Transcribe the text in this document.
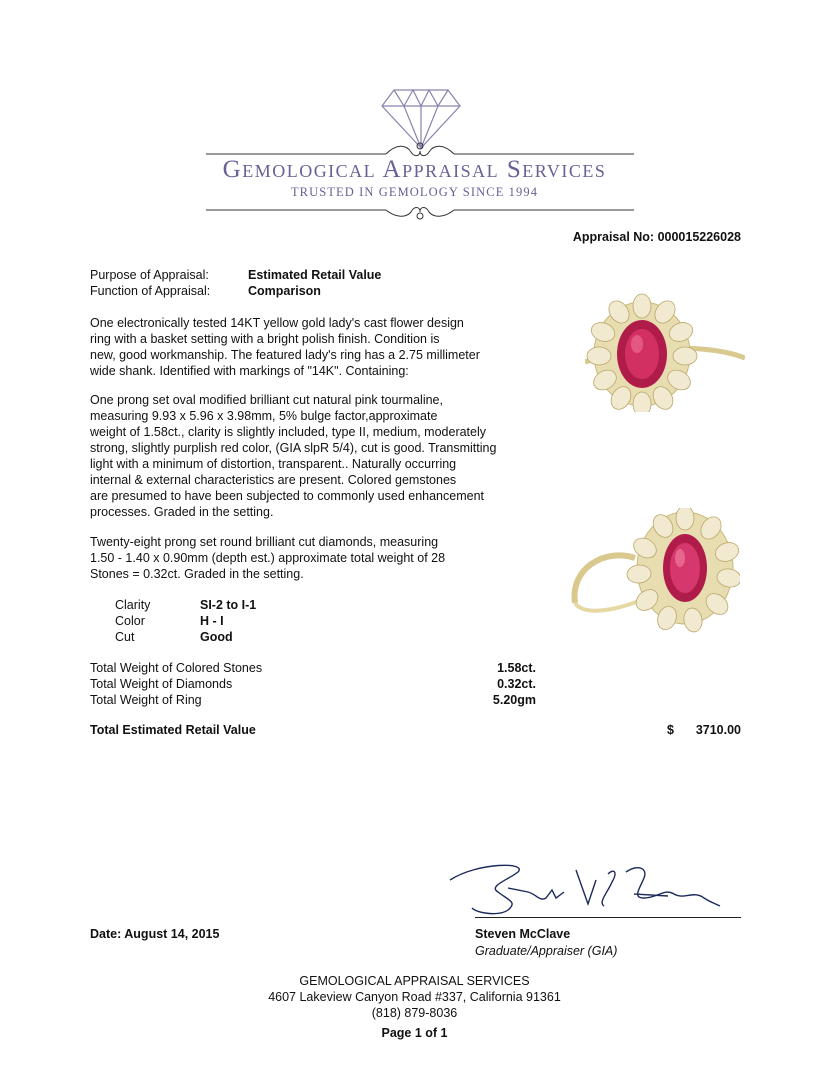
Gemological Appraisal Services
TRUSTED IN GEMOLOGY SINCE 1994
Appraisal No: 000015226028
Purpose of Appraisal:	Estimated Retail Value
Function of Appraisal:	Comparison
One electronically tested 14KT yellow gold lady's cast flower design
ring with a basket setting with a bright polish finish. Condition is
new, good workmanship. The featured lady's ring has a 2.75 millimeter
wide shank. Identified with markings of "14K". Containing:
One prong set oval modified brilliant cut natural pink tourmaline,
measuring 9.93 x 5.96 x 3.98mm, 5% bulge factor,approximate
weight of 1.58ct., clarity is slightly included, type II, medium, moderately
strong, slightly purplish red color, (GIA slpR 5/4), cut is good. Transmitting
light with a minimum of distortion, transparent.. Naturally occurring
internal & external characteristics are present. Colored gemstones
are presumed to have been subjected to commonly used enhancement
processes. Graded in the setting.
Twenty-eight prong set round brilliant cut diamonds, measuring
1.50 - 1.40 x 0.90mm (depth est.) approximate total weight of 28
Stones = 0.32ct. Graded in the setting.
Clarity	SI-2 to I-1
Color	H - I
Cut	Good
Total Weight of Colored Stones	1.58ct.
Total Weight of Diamonds	0.32ct.
Total Weight of Ring	5.20gm
Total Estimated Retail Value	$ 3710.00
Date: August 14, 2015	Steven McClave
Graduate/Appraiser (GIA)
GEMOLOGICAL APPRAISAL SERVICES
4607 Lakeview Canyon Road #337, California 91361
(818) 879-8036
Page 1 of 1
